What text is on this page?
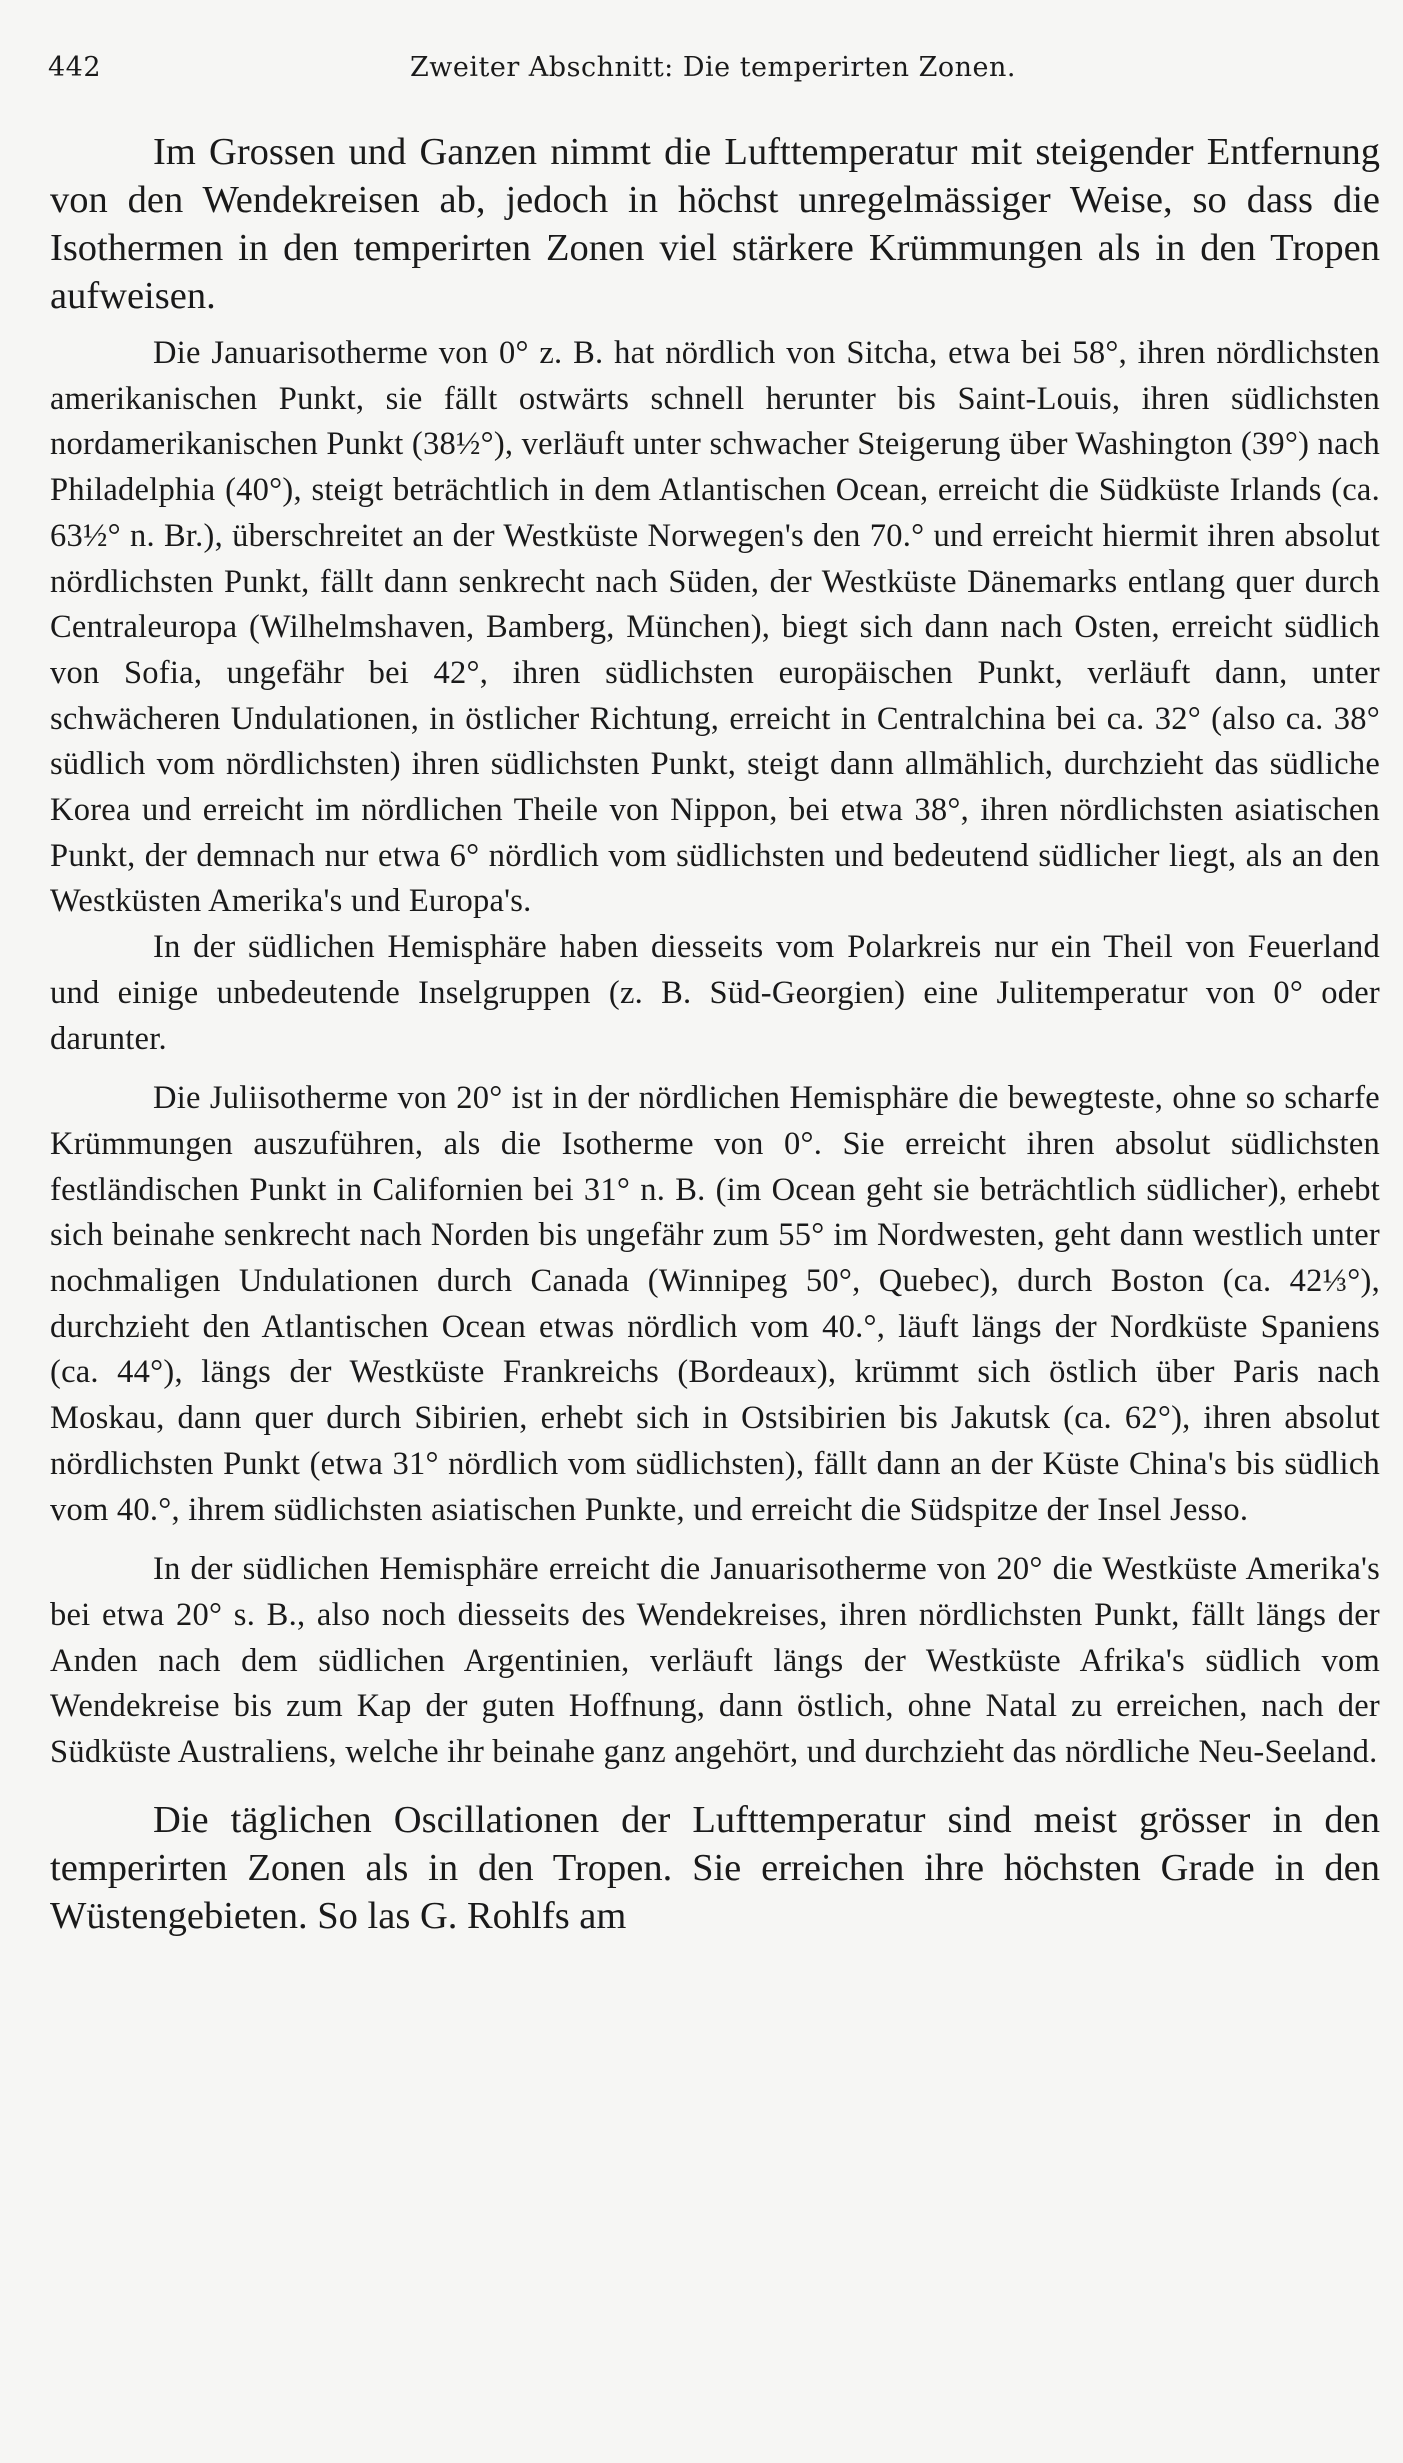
442	Zweiter Abschnitt: Die temperirten Zonen.

Im Grossen und Ganzen nimmt die Lufttemperatur mit steigender Entfernung von den Wendekreisen ab, jedoch in höchst unregelmässiger Weise, so dass die Isothermen in den temperirten Zonen viel stärkere Krümmungen als in den Tropen aufweisen.

Die Januarisotherme von 0° z. B. hat nördlich von Sitcha, etwa bei 58°, ihren nördlichsten amerikanischen Punkt, sie fällt ostwärts schnell herunter bis Saint-Louis, ihren südlichsten nordamerikanischen Punkt (38½°), verläuft unter schwacher Steigerung über Washington (39°) nach Philadelphia (40°), steigt beträchtlich in dem Atlantischen Ocean, erreicht die Südküste Irlands (ca. 63½° n. Br.), überschreitet an der Westküste Norwegen's den 70.° und erreicht hiermit ihren absolut nördlichsten Punkt, fällt dann senkrecht nach Süden, der Westküste Dänemarks entlang quer durch Centraleuropa (Wilhelmshaven, Bamberg, München), biegt sich dann nach Osten, erreicht südlich von Sofia, ungefähr bei 42°, ihren südlichsten europäischen Punkt, verläuft dann, unter schwächeren Undulationen, in östlicher Richtung, erreicht in Centralchina bei ca. 32° (also ca. 38° südlich vom nördlichsten) ihren südlichsten Punkt, steigt dann allmählich, durchzieht das südliche Korea und erreicht im nördlichen Theile von Nippon, bei etwa 38°, ihren nördlichsten asiatischen Punkt, der demnach nur etwa 6° nördlich vom südlichsten und bedeutend südlicher liegt, als an den Westküsten Amerika's und Europa's.

In der südlichen Hemisphäre haben diesseits vom Polarkreis nur ein Theil von Feuerland und einige unbedeutende Inselgruppen (z. B. Süd-Georgien) eine Julitemperatur von 0° oder darunter.

Die Juliisotherme von 20° ist in der nördlichen Hemisphäre die bewegteste, ohne so scharfe Krümmungen auszuführen, als die Isotherme von 0°. Sie erreicht ihren absolut südlichsten festländischen Punkt in Californien bei 31° n. B. (im Ocean geht sie beträchtlich südlicher), erhebt sich beinahe senkrecht nach Norden bis ungefähr zum 55° im Nordwesten, geht dann westlich unter nochmaligen Undulationen durch Canada (Winnipeg 50°, Quebec), durch Boston (ca. 42⅓°), durchzieht den Atlantischen Ocean etwas nördlich vom 40.°, läuft längs der Nordküste Spaniens (ca. 44°), längs der Westküste Frankreichs (Bordeaux), krümmt sich östlich über Paris nach Moskau, dann quer durch Sibirien, erhebt sich in Ostsibirien bis Jakutsk (ca. 62°), ihren absolut nördlichsten Punkt (etwa 31° nördlich vom südlichsten), fällt dann an der Küste China's bis südlich vom 40.°, ihrem südlichsten asiatischen Punkte, und erreicht die Südspitze der Insel Jesso.

In der südlichen Hemisphäre erreicht die Januarisotherme von 20° die Westküste Amerika's bei etwa 20° s. B., also noch diesseits des Wendekreises, ihren nördlichsten Punkt, fällt längs der Anden nach dem südlichen Argentinien, verläuft längs der Westküste Afrika's südlich vom Wendekreise bis zum Kap der guten Hoffnung, dann östlich, ohne Natal zu erreichen, nach der Südküste Australiens, welche ihr beinahe ganz angehört, und durchzieht das nördliche Neu-Seeland.

Die täglichen Oscillationen der Lufttemperatur sind meist grösser in den temperirten Zonen als in den Tropen. Sie erreichen ihre höchsten Grade in den Wüstengebieten. So las G. Rohlfs am
